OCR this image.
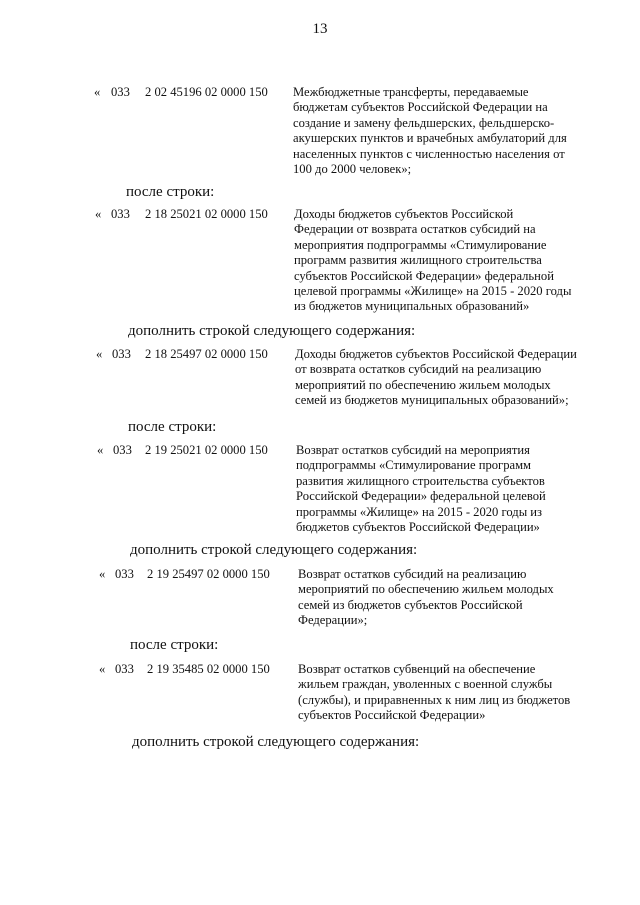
13
« 033 2 02 45196 02 0000 150 Межбюджетные трансферты, передаваемые
бюджетам субъектов Российской Федерации на
создание и замену фельдшерских, фельдшерско-
акушерских пунктов и врачебных амбулаторий для
населенных пунктов с численностью населения от
100 до 2000 человек»;
после строки:
« 033 2 18 25021 02 0000 150 Доходы бюджетов субъектов Российской
Федерации от возврата остатков субсидий на
мероприятия подпрограммы «Стимулирование
программ развития жилищного строительства
субъектов Российской Федерации» федеральной
целевой программы «Жилище» на 2015 - 2020 годы
из бюджетов муниципальных образований»
дополнить строкой следующего содержания:
« 033 2 18 25497 02 0000 150 Доходы бюджетов субъектов Российской Федерации
от возврата остатков субсидий на реализацию
мероприятий по обеспечению жильем молодых
семей из бюджетов муниципальных образований»;
после строки:
« 033 2 19 25021 02 0000 150 Возврат остатков субсидий на мероприятия
подпрограммы «Стимулирование программ
развития жилищного строительства субъектов
Российской Федерации» федеральной целевой
программы «Жилище» на 2015 - 2020 годы из
бюджетов субъектов Российской Федерации»
дополнить строкой следующего содержания:
« 033 2 19 25497 02 0000 150 Возврат остатков субсидий на реализацию
мероприятий по обеспечению жильем молодых
семей из бюджетов субъектов Российской
Федерации»;
после строки:
« 033 2 19 35485 02 0000 150 Возврат остатков субвенций на обеспечение
жильем граждан, уволенных с военной службы
(службы), и приравненных к ним лиц из бюджетов
субъектов Российской Федерации»
дополнить строкой следующего содержания:
